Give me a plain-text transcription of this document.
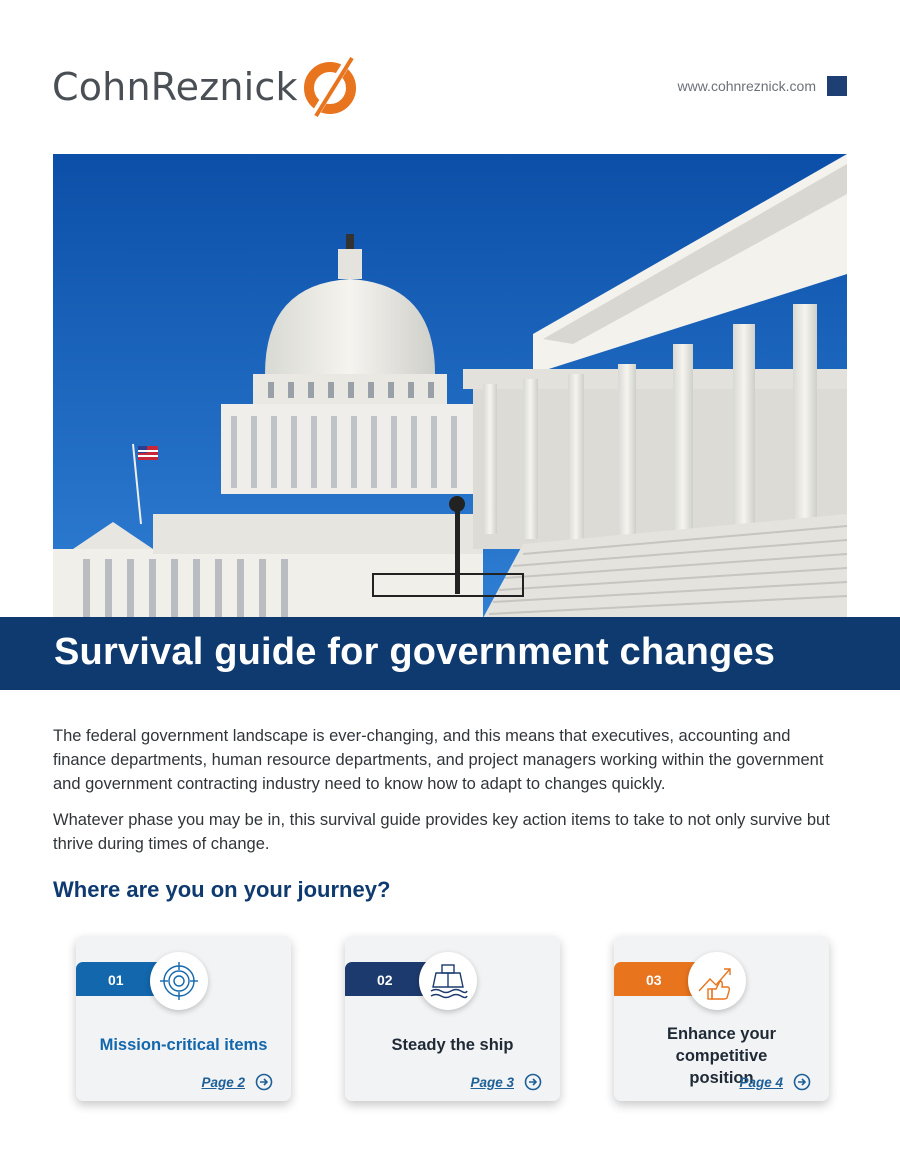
CohnReznick	www.cohnreznick.com
Survival guide for government changes

The federal government landscape is ever-changing, and this means that executives, accounting and finance departments, human resource departments, and project managers working within the government and government contracting industry need to know how to adapt to changes quickly.

Whatever phase you may be in, this survival guide provides key action items to take to not only survive but thrive during times of change.

Where are you on your journey?
01
Mission-critical items
Page 2
02
Steady the ship
Page 3
03
Enhance your competitive position
Page 4
